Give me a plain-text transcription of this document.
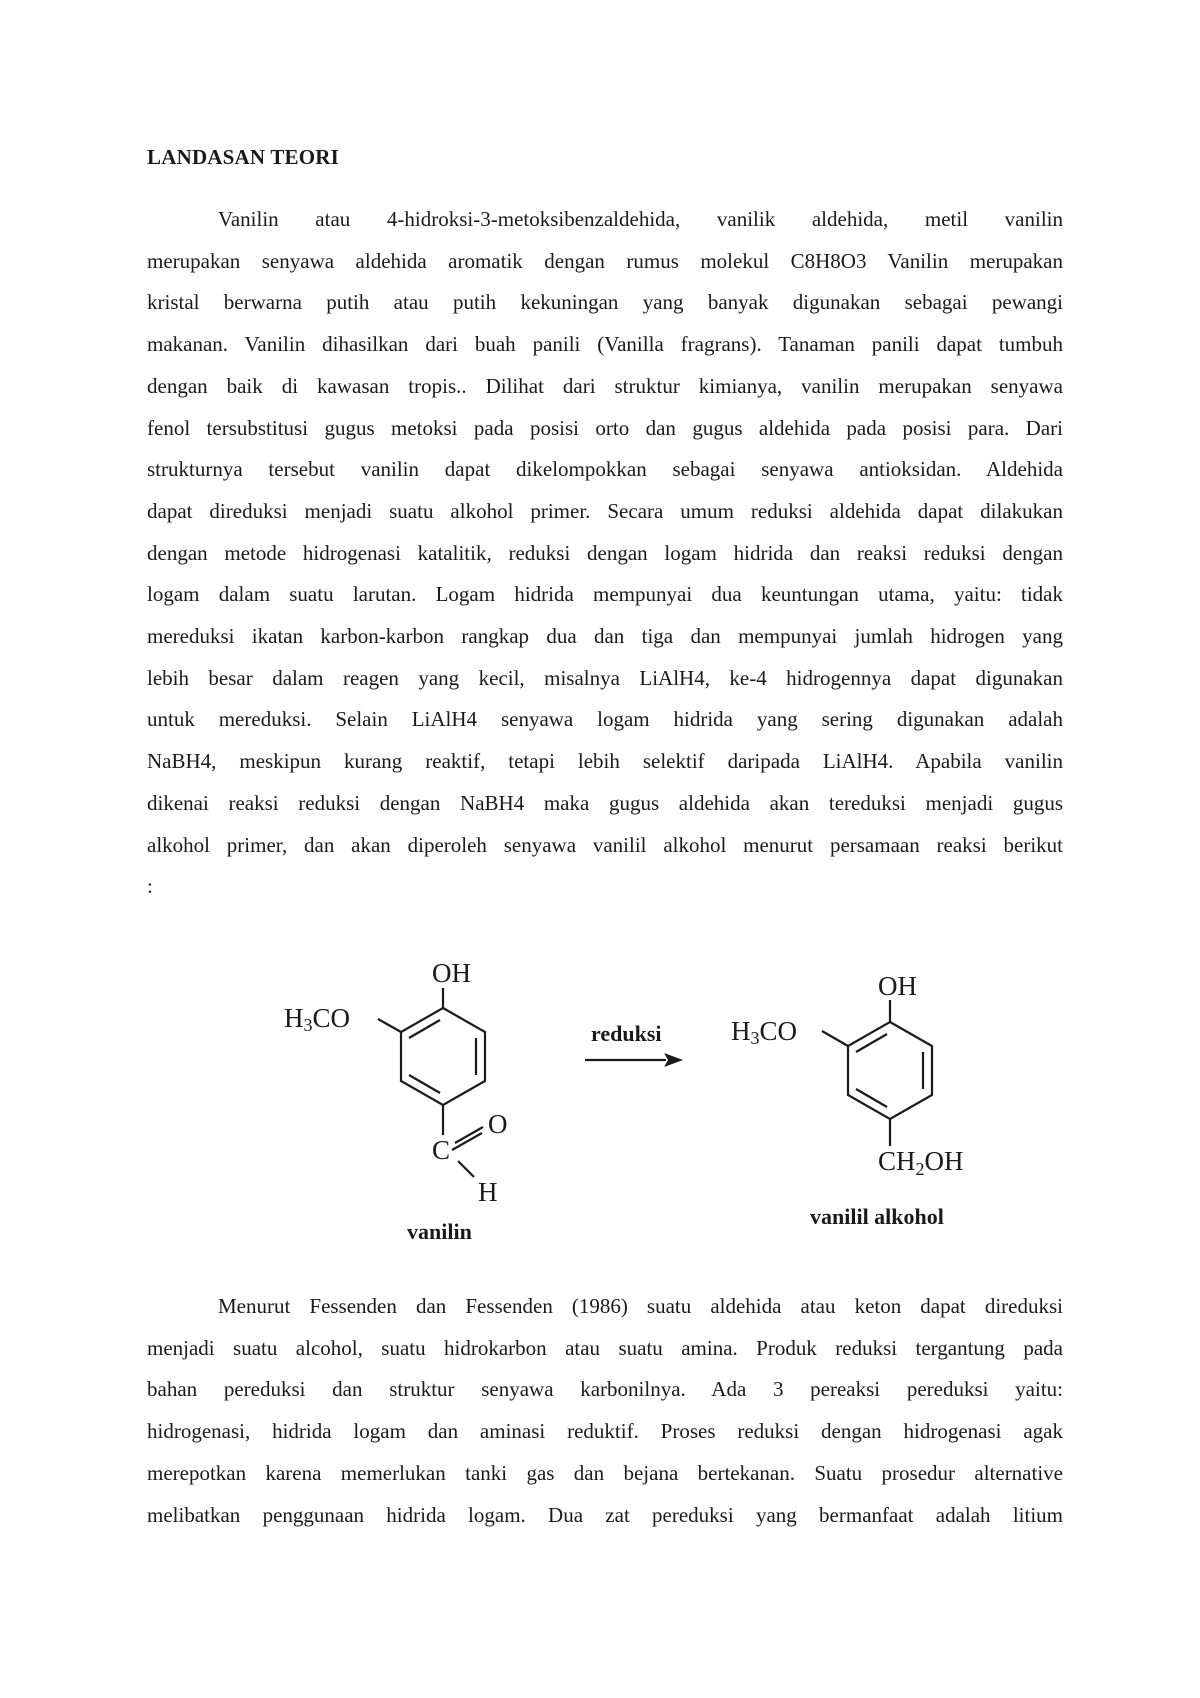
LANDASAN TEORI
Vanilin atau 4-hidroksi-3-metoksibenzaldehida, vanilik aldehida, metil vanilin
merupakan senyawa aldehida aromatik dengan rumus molekul C8H8O3 Vanilin merupakan
kristal berwarna putih atau putih kekuningan yang banyak digunakan sebagai pewangi
makanan. Vanilin dihasilkan dari buah panili (Vanilla fragrans). Tanaman panili dapat tumbuh
dengan baik di kawasan tropis.. Dilihat dari struktur kimianya, vanilin merupakan senyawa
fenol tersubstitusi gugus metoksi pada posisi orto dan gugus aldehida pada posisi para. Dari
strukturnya tersebut vanilin dapat dikelompokkan sebagai senyawa antioksidan. Aldehida
dapat direduksi menjadi suatu alkohol primer. Secara umum reduksi aldehida dapat dilakukan
dengan metode hidrogenasi katalitik, reduksi dengan logam hidrida dan reaksi reduksi dengan
logam dalam suatu larutan. Logam hidrida mempunyai dua keuntungan utama, yaitu: tidak
mereduksi ikatan karbon-karbon rangkap dua dan tiga dan mempunyai jumlah hidrogen yang
lebih besar dalam reagen yang kecil, misalnya LiAlH4, ke-4 hidrogennya dapat digunakan
untuk mereduksi. Selain LiAlH4 senyawa logam hidrida yang sering digunakan adalah
NaBH4, meskipun kurang reaktif, tetapi lebih selektif daripada LiAlH4. Apabila vanilin
dikenai reaksi reduksi dengan NaBH4 maka gugus aldehida akan tereduksi menjadi gugus
alkohol primer, dan akan diperoleh senyawa vanilil alkohol menurut persamaan reaksi berikut
:
OH
H3CO
C
O
H
vanilin
reduksi
OH
H3CO
CH2OH
vanilil alkohol
Menurut Fessenden dan Fessenden (1986) suatu aldehida atau keton dapat direduksi
menjadi suatu alcohol, suatu hidrokarbon atau suatu amina. Produk reduksi tergantung pada
bahan pereduksi dan struktur senyawa karbonilnya. Ada 3 pereaksi pereduksi yaitu:
hidrogenasi, hidrida logam dan aminasi reduktif. Proses reduksi dengan hidrogenasi agak
merepotkan karena memerlukan tanki gas dan bejana bertekanan. Suatu prosedur alternative
melibatkan penggunaan hidrida logam. Dua zat pereduksi yang bermanfaat adalah litium
